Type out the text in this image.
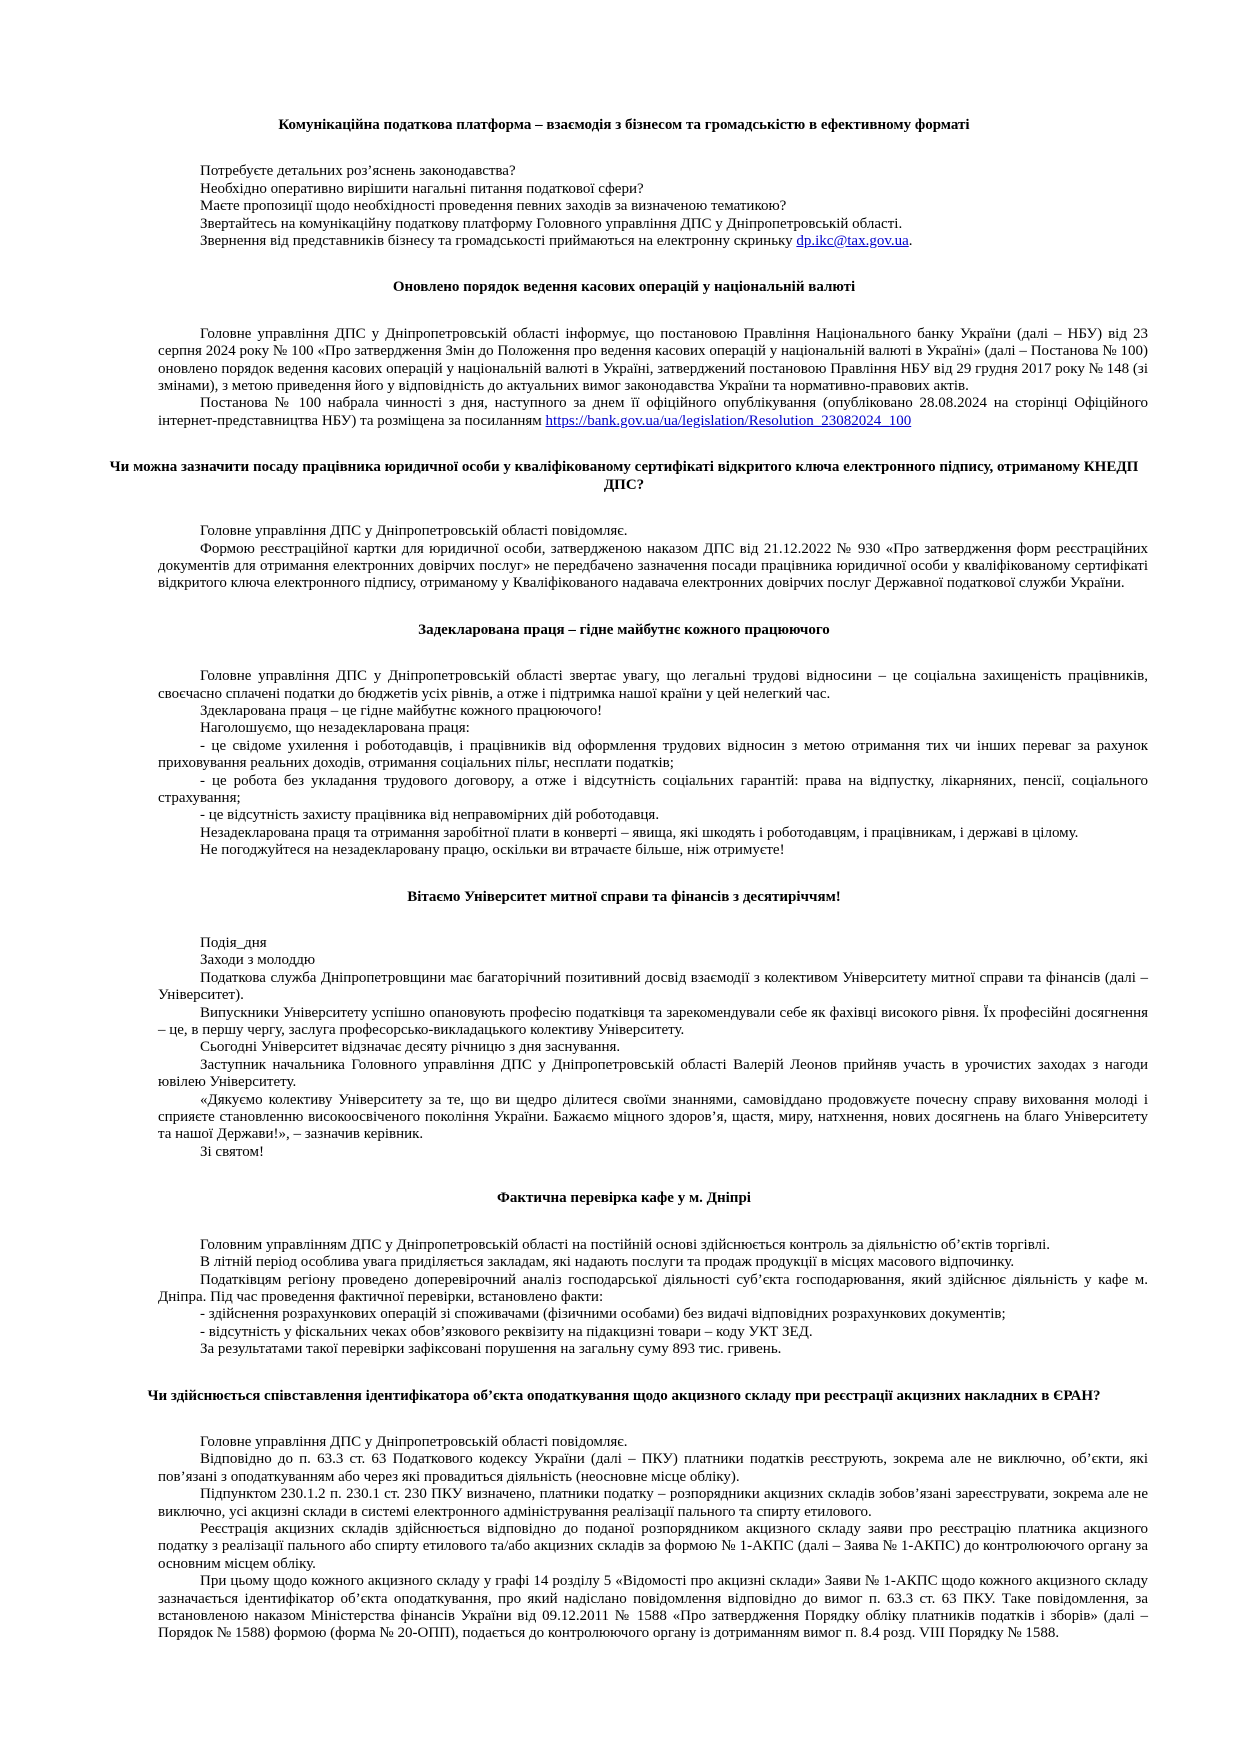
Комунікаційна податкова платформа – взаємодія з бізнесом та громадськістю в ефективному форматі

Потребуєте детальних роз’яснень законодавства?

Необхідно оперативно вирішити нагальні питання податкової сфери?

Маєте пропозиції щодо необхідності проведення певних заходів за визначеною тематикою?

Звертайтесь на комунікаційну податкову платформу Головного управління ДПС у Дніпропетровській області.

Звернення від представників бізнесу та громадськості приймаються на електронну скриньку dp.ikc@tax.gov.ua.

Оновлено порядок ведення касових операцій у національній валюті

Головне управління ДПС у Дніпропетровській області інформує, що постановою Правління Національного банку України (далі – НБУ) від 23 серпня 2024 року № 100 «Про затвердження Змін до Положення про ведення касових операцій у національній валюті в Україні» (далі – Постанова № 100) оновлено порядок ведення касових операцій у національній валюті в Україні, затверджений постановою Правління НБУ від 29 грудня 2017 року № 148 (зі змінами), з метою приведення його у відповідність до актуальних вимог законодавства України та нормативно-правових актів.

Постанова № 100 набрала чинності з дня, наступного за днем її офіційного опублікування (опубліковано 28.08.2024 на сторінці Офіційного інтернет-представництва НБУ) та розміщена за посиланням https://bank.gov.ua/ua/legislation/Resolution_23082024_100

Чи можна зазначити посаду працівника юридичної особи у кваліфікованому сертифікаті відкритого ключа електронного підпису, отриманому КНЕДП ДПС?

Головне управління ДПС у Дніпропетровській області повідомляє.

Формою реєстраційної картки для юридичної особи, затвердженою наказом ДПС від 21.12.2022 № 930 «Про затвердження форм реєстраційних документів для отримання електронних довірчих послуг» не передбачено зазначення посади працівника юридичної особи у кваліфікованому сертифікаті відкритого ключа електронного підпису, отриманому у Кваліфікованого надавача електронних довірчих послуг Державної податкової служби України.

Задекларована праця – гідне майбутнє кожного працюючого

Головне управління ДПС у Дніпропетровській області звертає увагу, що легальні трудові відносини – це соціальна захищеність працівників, своєчасно сплачені податки до бюджетів усіх рівнів, а отже і підтримка нашої країни у цей нелегкий час.

Здекларована праця – це гідне майбутнє кожного працюючого!

Наголошуємо, що незадекларована праця:

- це свідоме ухилення і роботодавців, і працівників від оформлення трудових відносин з метою отримання тих чи інших переваг за рахунок приховування реальних доходів, отримання соціальних пільг, несплати податків;

- це робота без укладання трудового договору, а отже і відсутність соціальних гарантій: права на відпустку, лікарняних, пенсії, соціального страхування;

- це відсутність захисту працівника від неправомірних дій роботодавця.

Незадекларована праця та отримання заробітної плати в конверті – явища, які шкодять і роботодавцям, і працівникам, і державі в цілому.

Не погоджуйтеся на незадекларовану працю, оскільки ви втрачаєте більше, ніж отримуєте!

Вітаємо Університет митної справи та фінансів з десятиріччям!

Подія_дня

Заходи з молоддю

Податкова служба Дніпропетровщини має багаторічний позитивний досвід взаємодії з колективом Університету митної справи та фінансів (далі – Університет).

Випускники Університету успішно опановують професію податківця та зарекомендували себе як фахівці високого рівня. Їх професійні досягнення – це, в першу чергу, заслуга професорсько-викладацького колективу Університету.

Сьогодні Університет відзначає десяту річницю з дня заснування.

Заступник начальника Головного управління ДПС у Дніпропетровській області Валерій Леонов прийняв участь в урочистих заходах з нагоди ювілею Університету.

«Дякуємо колективу Університету за те, що ви щедро ділитеся своїми знаннями, самовіддано продовжуєте почесну справу виховання молоді і сприяєте становленню високоосвіченого покоління України. Бажаємо міцного здоров’я, щастя, миру, натхнення, нових досягнень на благо Університету та нашої Держави!», – зазначив керівник.

Зі святом!

Фактична перевірка кафе у м. Дніпрі

Головним управлінням ДПС у Дніпропетровській області на постійній основі здійснюється контроль за діяльністю об’єктів торгівлі.

В літній період особлива увага приділяється закладам, які надають послуги та продаж продукції в місцях масового відпочинку.

Податківцям регіону проведено доперевірочний аналіз господарської діяльності суб’єкта господарювання, який здійснює діяльність у кафе м. Дніпра. Під час проведення фактичної перевірки, встановлено факти:

- здійснення розрахункових операцій зі споживачами (фізичними особами) без видачі відповідних розрахункових документів;

- відсутність у фіскальних чеках обов’язкового реквізиту на підакцизні товари – коду УКТ ЗЕД.

За результатами такої перевірки зафіксовані порушення на загальну суму 893 тис. гривень.

Чи здійснюється співставлення ідентифікатора об’єкта оподаткування щодо акцизного складу при реєстрації акцизних накладних в ЄРАН?

Головне управління ДПС у Дніпропетровській області повідомляє.

Відповідно до п. 63.3 ст. 63 Податкового кодексу України (далі – ПКУ) платники податків реєструють, зокрема але не виключно, об’єкти, які пов’язані з оподаткуванням або через які провадиться діяльність (неосновне місце обліку).

Підпунктом 230.1.2 п. 230.1 ст. 230 ПКУ визначено, платники податку – розпорядники акцизних складів зобов’язані зареєструвати, зокрема але не виключно, усі акцизні склади в системі електронного адміністрування реалізації пального та спирту етилового.

Реєстрація акцизних складів здійснюється відповідно до поданої розпорядником акцизного складу заяви про реєстрацію платника акцизного податку з реалізації пального або спирту етилового та/або акцизних складів за формою № 1-АКПС (далі – Заява № 1-АКПС) до контролюючого органу за основним місцем обліку.

При цьому щодо кожного акцизного складу у графі 14 розділу 5 «Відомості про акцизні склади» Заяви № 1-АКПС щодо кожного акцизного складу зазначається ідентифікатор об’єкта оподаткування, про який надіслано повідомлення відповідно до вимог п. 63.3 ст. 63 ПКУ. Таке повідомлення, за встановленою наказом Міністерства фінансів України від 09.12.2011 № 1588 «Про затвердження Порядку обліку платників податків і зборів» (далі – Порядок № 1588) формою (форма № 20-ОПП), подається до контролюючого органу із дотриманням вимог п. 8.4 розд. VIII Порядку № 1588.
